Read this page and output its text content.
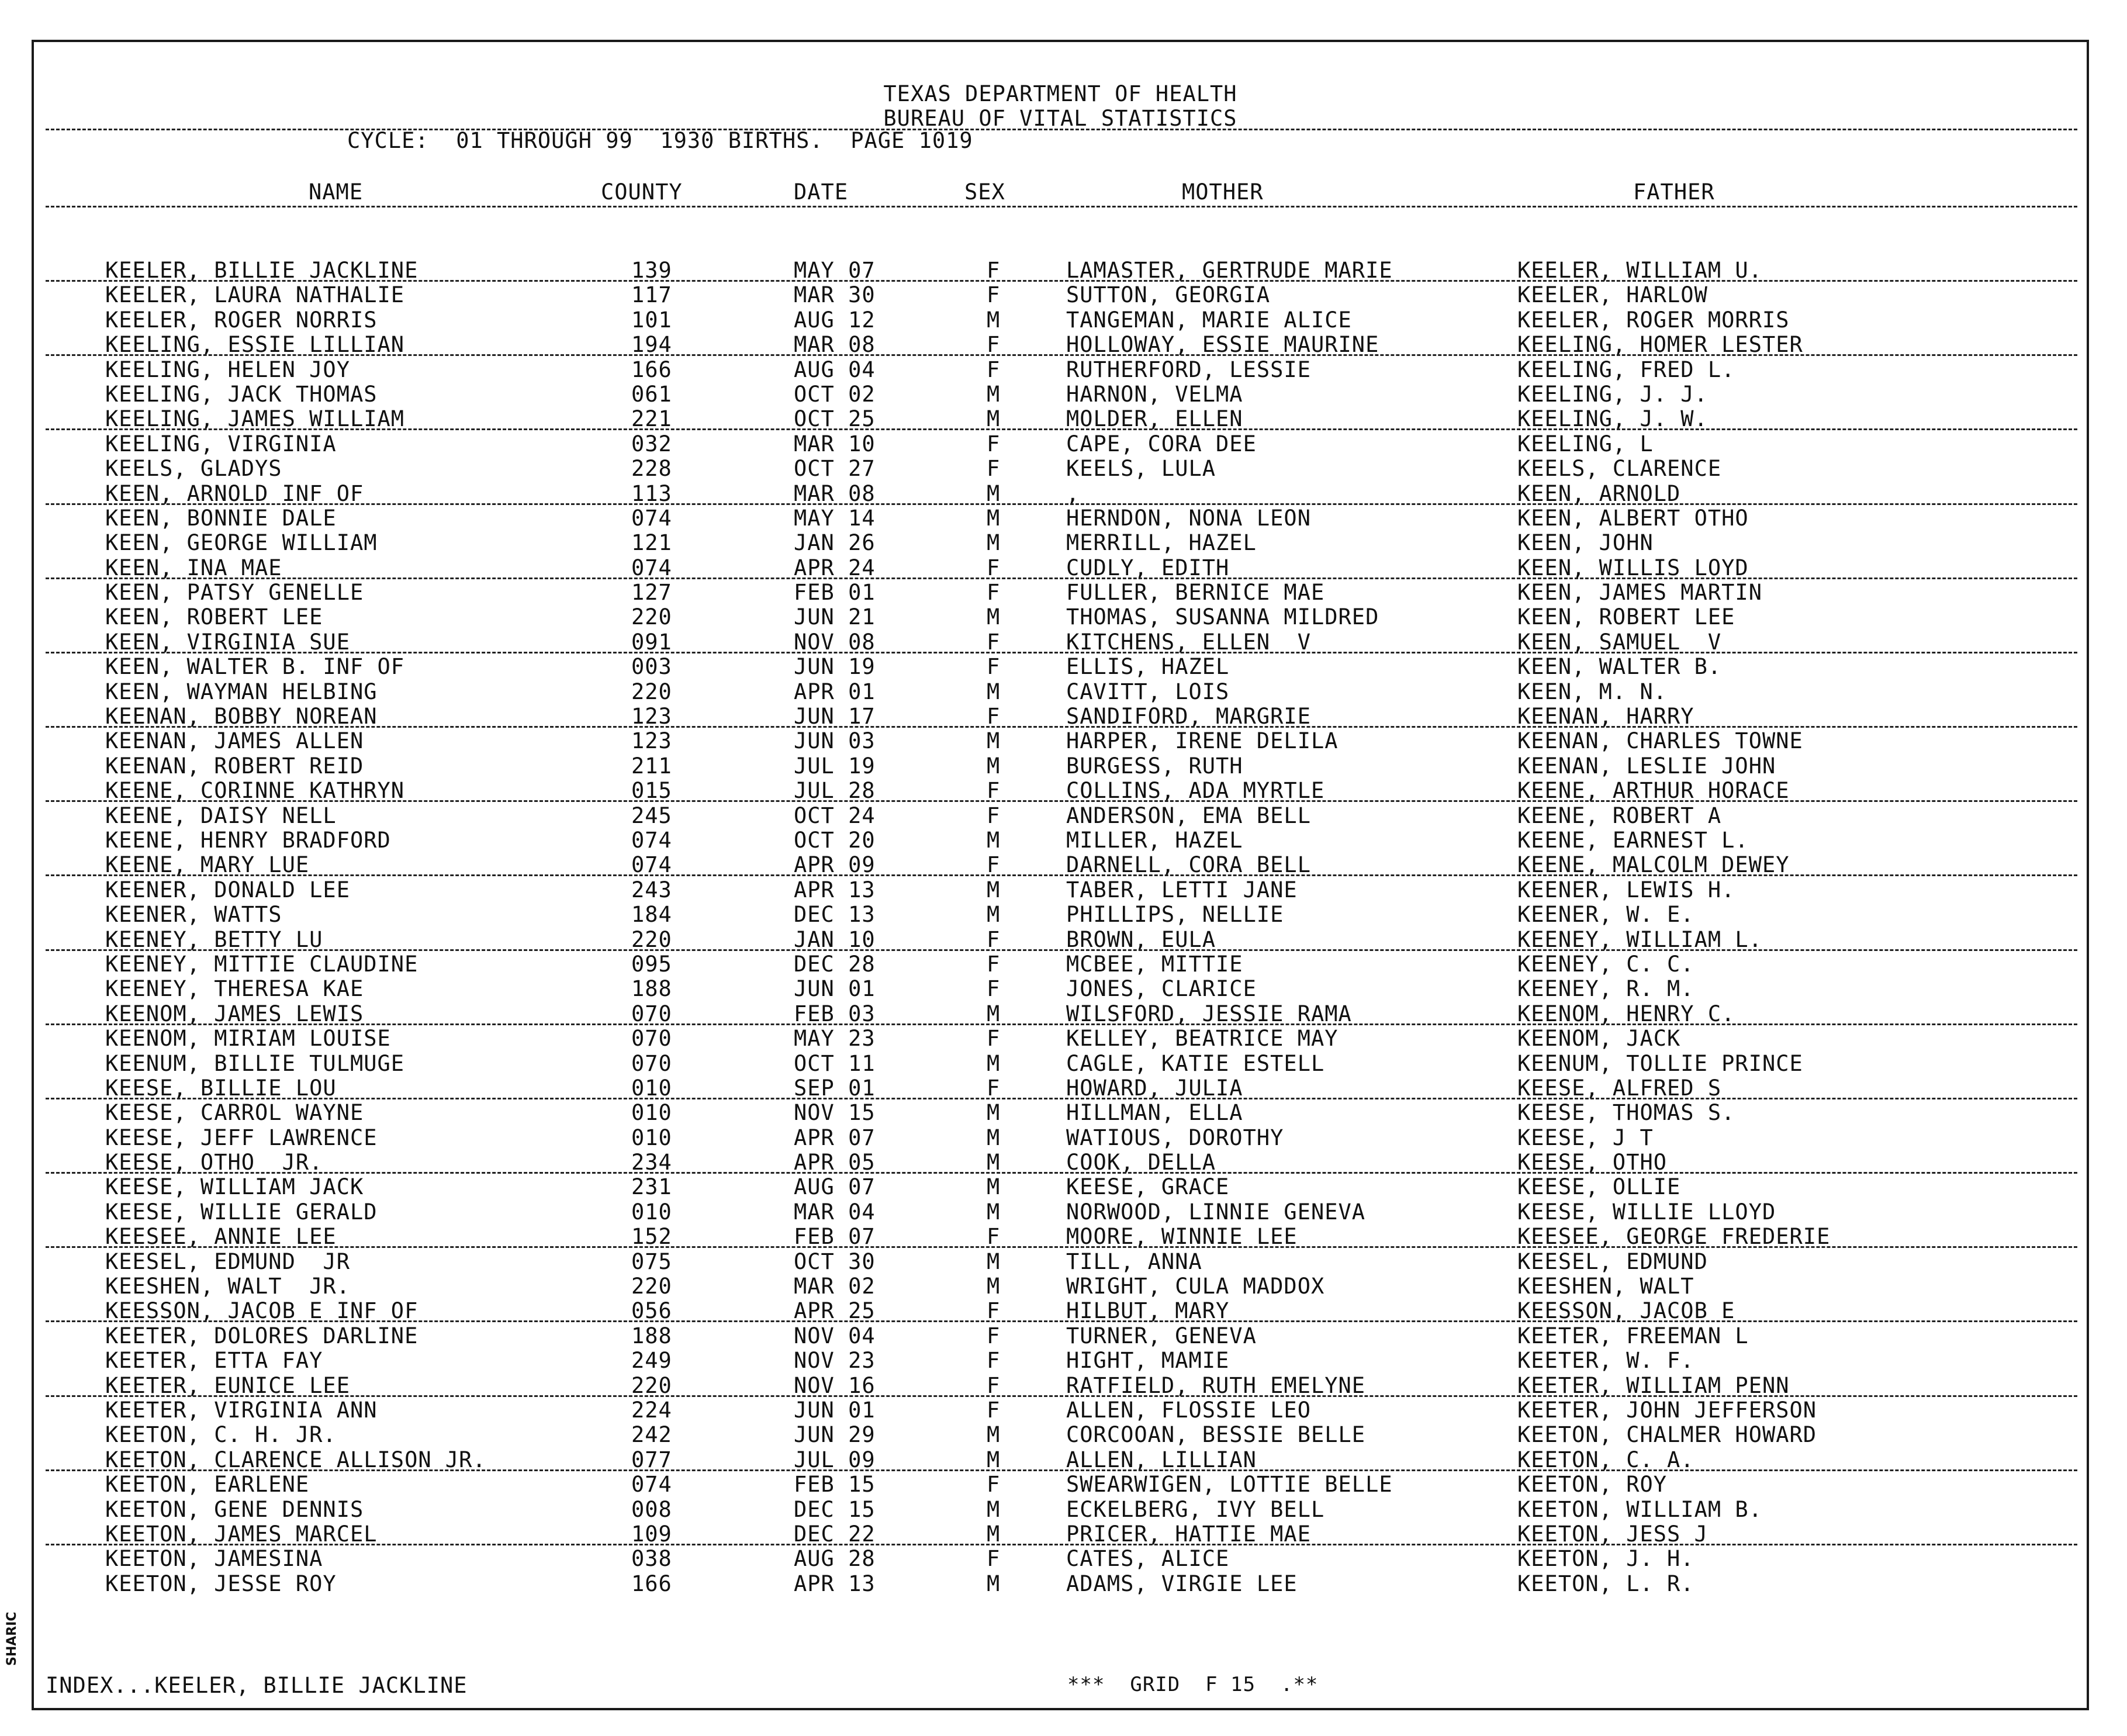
TEXAS DEPARTMENT OF HEALTH
BUREAU OF VITAL STATISTICS
CYCLE:  01 THROUGH 99  1930 BIRTHS.  PAGE 1019
NAME	COUNTY	DATE	SEX	MOTHER	FATHER
KEELER, BILLIE JACKLINE	139	MAY 07	F	LAMASTER, GERTRUDE MARIE	KEELER, WILLIAM U.
KEELER, LAURA NATHALIE	117	MAR 30	F	SUTTON, GEORGIA	KEELER, HARLOW
KEELER, ROGER NORRIS	101	AUG 12	M	TANGEMAN, MARIE ALICE	KEELER, ROGER MORRIS
KEELING, ESSIE LILLIAN	194	MAR 08	F	HOLLOWAY, ESSIE MAURINE	KEELING, HOMER LESTER
KEELING, HELEN JOY	166	AUG 04	F	RUTHERFORD, LESSIE	KEELING, FRED L.
KEELING, JACK THOMAS	061	OCT 02	M	HARNON, VELMA	KEELING, J. J.
KEELING, JAMES WILLIAM	221	OCT 25	M	MOLDER, ELLEN	KEELING, J. W.
KEELING, VIRGINIA	032	MAR 10	F	CAPE, CORA DEE	KEELING, L
KEELS, GLADYS	228	OCT 27	F	KEELS, LULA	KEELS, CLARENCE
KEEN, ARNOLD INF OF	113	MAR 08	M	,	KEEN, ARNOLD
KEEN, BONNIE DALE	074	MAY 14	M	HERNDON, NONA LEON	KEEN, ALBERT OTHO
KEEN, GEORGE WILLIAM	121	JAN 26	M	MERRILL, HAZEL	KEEN, JOHN
KEEN, INA MAE	074	APR 24	F	CUDLY, EDITH	KEEN, WILLIS LOYD
KEEN, PATSY GENELLE	127	FEB 01	F	FULLER, BERNICE MAE	KEEN, JAMES MARTIN
KEEN, ROBERT LEE	220	JUN 21	M	THOMAS, SUSANNA MILDRED	KEEN, ROBERT LEE
KEEN, VIRGINIA SUE	091	NOV 08	F	KITCHENS, ELLEN  V	KEEN, SAMUEL  V
KEEN, WALTER B. INF OF	003	JUN 19	F	ELLIS, HAZEL	KEEN, WALTER B.
KEEN, WAYMAN HELBING	220	APR 01	M	CAVITT, LOIS	KEEN, M. N.
KEENAN, BOBBY NOREAN	123	JUN 17	F	SANDIFORD, MARGRIE	KEENAN, HARRY
KEENAN, JAMES ALLEN	123	JUN 03	M	HARPER, IRENE DELILA	KEENAN, CHARLES TOWNE
KEENAN, ROBERT REID	211	JUL 19	M	BURGESS, RUTH	KEENAN, LESLIE JOHN
KEENE, CORINNE KATHRYN	015	JUL 28	F	COLLINS, ADA MYRTLE	KEENE, ARTHUR HORACE
KEENE, DAISY NELL	245	OCT 24	F	ANDERSON, EMA BELL	KEENE, ROBERT A
KEENE, HENRY BRADFORD	074	OCT 20	M	MILLER, HAZEL	KEENE, EARNEST L.
KEENE, MARY LUE	074	APR 09	F	DARNELL, CORA BELL	KEENE, MALCOLM DEWEY
KEENER, DONALD LEE	243	APR 13	M	TABER, LETTI JANE	KEENER, LEWIS H.
KEENER, WATTS	184	DEC 13	M	PHILLIPS, NELLIE	KEENER, W. E.
KEENEY, BETTY LU	220	JAN 10	F	BROWN, EULA	KEENEY, WILLIAM L.
KEENEY, MITTIE CLAUDINE	095	DEC 28	F	MCBEE, MITTIE	KEENEY, C. C.
KEENEY, THERESA KAE	188	JUN 01	F	JONES, CLARICE	KEENEY, R. M.
KEENOM, JAMES LEWIS	070	FEB 03	M	WILSFORD, JESSIE RAMA	KEENOM, HENRY C.
KEENOM, MIRIAM LOUISE	070	MAY 23	F	KELLEY, BEATRICE MAY	KEENOM, JACK
KEENUM, BILLIE TULMUGE	070	OCT 11	M	CAGLE, KATIE ESTELL	KEENUM, TOLLIE PRINCE
KEESE, BILLIE LOU	010	SEP 01	F	HOWARD, JULIA	KEESE, ALFRED S
KEESE, CARROL WAYNE	010	NOV 15	M	HILLMAN, ELLA	KEESE, THOMAS S.
KEESE, JEFF LAWRENCE	010	APR 07	M	WATIOUS, DOROTHY	KEESE, J T
KEESE, OTHO  JR.	234	APR 05	M	COOK, DELLA	KEESE, OTHO
KEESE, WILLIAM JACK	231	AUG 07	M	KEESE, GRACE	KEESE, OLLIE
KEESE, WILLIE GERALD	010	MAR 04	M	NORWOOD, LINNIE GENEVA	KEESE, WILLIE LLOYD
KEESEE, ANNIE LEE	152	FEB 07	F	MOORE, WINNIE LEE	KEESEE, GEORGE FREDERIE
KEESEL, EDMUND  JR	075	OCT 30	M	TILL, ANNA	KEESEL, EDMUND
KEESHEN, WALT  JR.	220	MAR 02	M	WRIGHT, CULA MADDOX	KEESHEN, WALT
KEESSON, JACOB E INF OF	056	APR 25	F	HILBUT, MARY	KEESSON, JACOB E
KEETER, DOLORES DARLINE	188	NOV 04	F	TURNER, GENEVA	KEETER, FREEMAN L
KEETER, ETTA FAY	249	NOV 23	F	HIGHT, MAMIE	KEETER, W. F.
KEETER, EUNICE LEE	220	NOV 16	F	RATFIELD, RUTH EMELYNE	KEETER, WILLIAM PENN
KEETER, VIRGINIA ANN	224	JUN 01	F	ALLEN, FLOSSIE LEO	KEETER, JOHN JEFFERSON
KEETON, C. H. JR.	242	JUN 29	M	CORCOOAN, BESSIE BELLE	KEETON, CHALMER HOWARD
KEETON, CLARENCE ALLISON JR.	077	JUL 09	M	ALLEN, LILLIAN	KEETON, C. A.
KEETON, EARLENE	074	FEB 15	F	SWEARWIGEN, LOTTIE BELLE	KEETON, ROY
KEETON, GENE DENNIS	008	DEC 15	M	ECKELBERG, IVY BELL	KEETON, WILLIAM B.
KEETON, JAMES MARCEL	109	DEC 22	M	PRICER, HATTIE MAE	KEETON, JESS J
KEETON, JAMESINA	038	AUG 28	F	CATES, ALICE	KEETON, J. H.
KEETON, JESSE ROY	166	APR 13	M	ADAMS, VIRGIE LEE	KEETON, L. R.
INDEX...KEELER, BILLIE JACKLINE	***  GRID  F 15  .**
SHARIC
